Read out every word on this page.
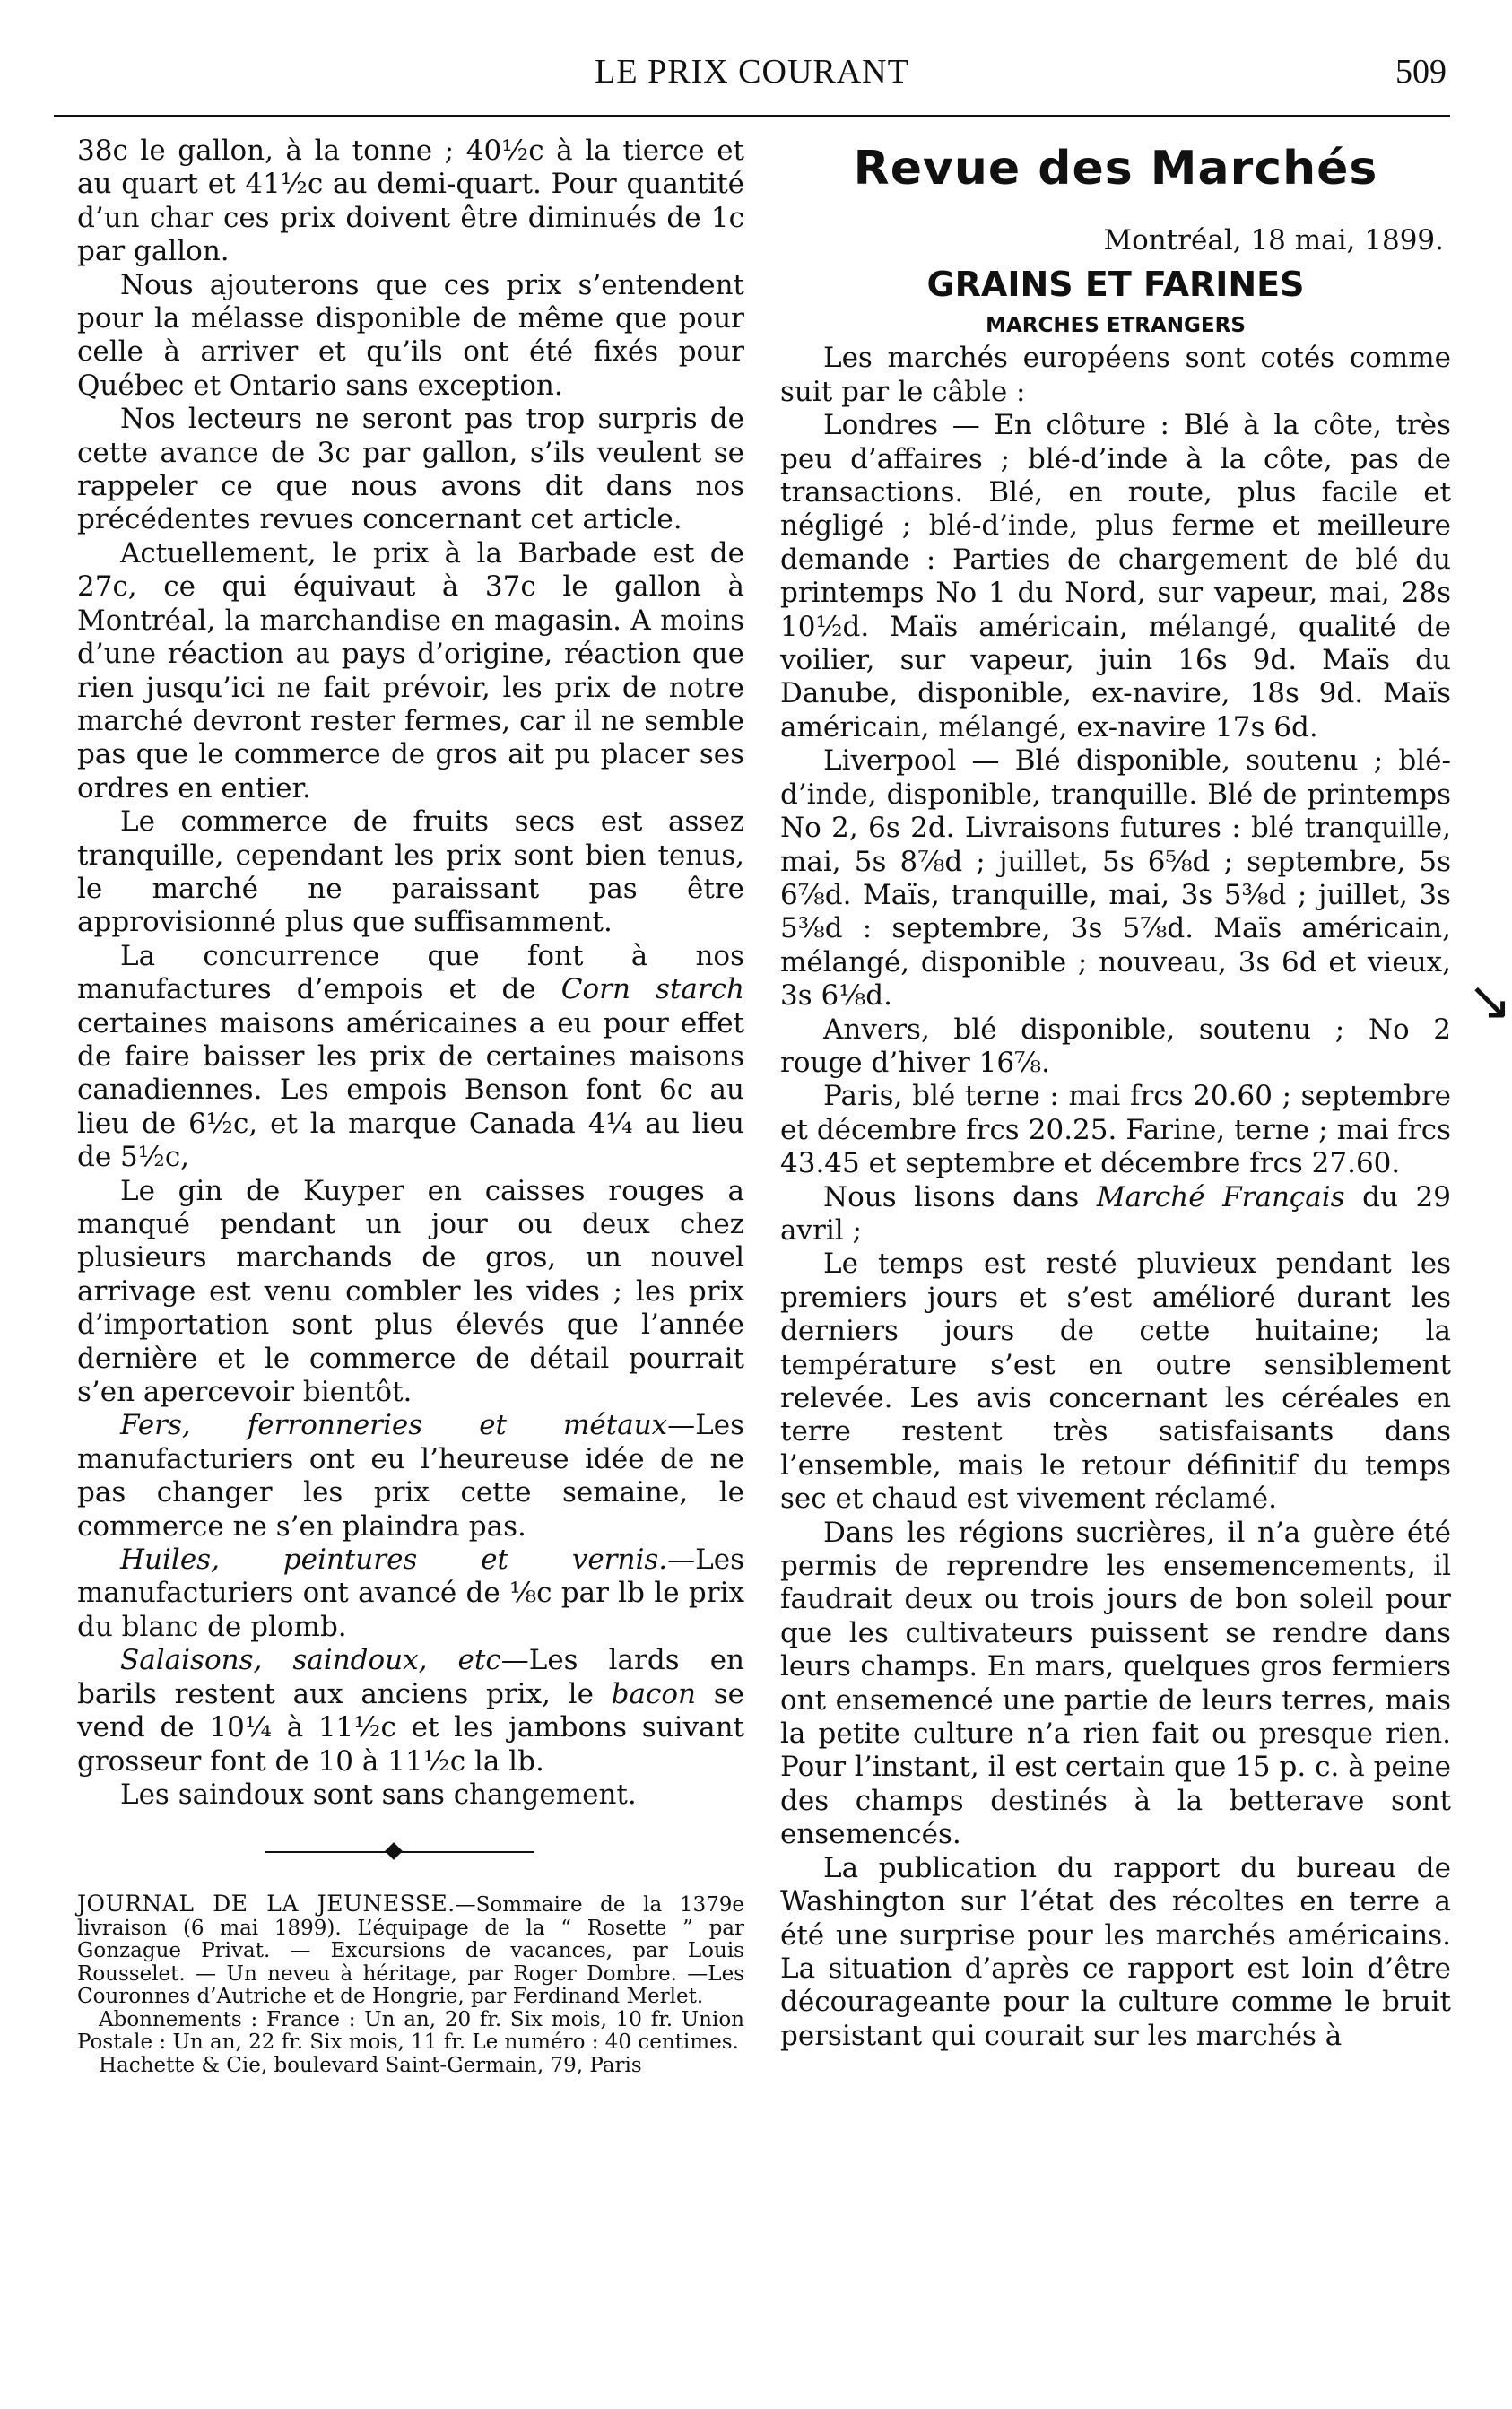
LE PRIX COURANT	509

38c le gallon, à la tonne ; 40½c à la tierce et au quart et 41½c au demi-quart. Pour quantité d’un char ces prix doivent être diminués de 1c par gallon.

Nous ajouterons que ces prix s’entendent pour la mélasse disponible de même que pour celle à arriver et qu’ils ont été fixés pour Québec et Ontario sans exception.

Nos lecteurs ne seront pas trop surpris de cette avance de 3c par gallon, s’ils veulent se rappeler ce que nous avons dit dans nos précédentes revues concernant cet article.

Actuellement, le prix à la Barbade est de 27c, ce qui équivaut à 37c le gallon à Montréal, la marchandise en magasin. A moins d’une réaction au pays d’origine, réaction que rien jusqu’ici ne fait prévoir, les prix de notre marché devront rester fermes, car il ne semble pas que le commerce de gros ait pu placer ses ordres en entier.

Le commerce de fruits secs est assez tranquille, cependant les prix sont bien tenus, le marché ne paraissant pas être approvisionné plus que suffisamment.

La concurrence que font à nos manufactures d’empois et de Corn starch certaines maisons américaines a eu pour effet de faire baisser les prix de certaines maisons canadiennes. Les empois Benson font 6c au lieu de 6½c, et la marque Canada 4¼ au lieu de 5½c,

Le gin de Kuyper en caisses rouges a manqué pendant un jour ou deux chez plusieurs marchands de gros, un nouvel arrivage est venu combler les vides ; les prix d’importation sont plus élevés que l’année dernière et le commerce de détail pourrait s’en apercevoir bientôt.

Fers, ferronneries et métaux—Les manufacturiers ont eu l’heureuse idée de ne pas changer les prix cette semaine, le commerce ne s’en plaindra pas.

Huiles, peintures et vernis.—Les manufacturiers ont avancé de ⅛c par lb le prix du blanc de plomb.

Salaisons, saindoux, etc—Les lards en barils restent aux anciens prix, le bacon se vend de 10¼ à 11½c et les jambons suivant grosseur font de 10 à 11½c la lb.

Les saindoux sont sans changement.

JOURNAL DE LA JEUNESSE.—Sommaire de la 1379e livraison (6 mai 1899). L’équipage de la “ Rosette ” par Gonzague Privat. — Excursions de vacances, par Louis Rousselet. — Un neveu à héritage, par Roger Dombre. —Les Couronnes d’Autriche et de Hongrie, par Ferdinand Merlet.

Abonnements : France : Un an, 20 fr. Six mois, 10 fr. Union Postale : Un an, 22 fr. Six mois, 11 fr. Le numéro : 40 centimes.

Hachette & Cie, boulevard Saint-Germain, 79, Paris

Revue des Marchés
Montréal, 18 mai, 1899.
GRAINS ET FARINES
MARCHES ETRANGERS

Les marchés européens sont cotés comme suit par le câble :

Londres — En clôture : Blé à la côte, très peu d’affaires ; blé-d’inde à la côte, pas de transactions. Blé, en route, plus facile et négligé ; blé-d’inde, plus ferme et meilleure demande : Parties de chargement de blé du printemps No 1 du Nord, sur vapeur, mai, 28s 10½d. Maïs américain, mélangé, qualité de voilier, sur vapeur, juin 16s 9d. Maïs du Danube, disponible, ex-navire, 18s 9d. Maïs américain, mélangé, ex-navire 17s 6d.

Liverpool — Blé disponible, soutenu ; blé-d’inde, disponible, tranquille. Blé de printemps No 2, 6s 2d. Livraisons futures : blé tranquille, mai, 5s 8⅞d ; juillet, 5s 6⅝d ; septembre, 5s 6⅞d. Maïs, tranquille, mai, 3s 5⅜d ; juillet, 3s 5⅜d : septembre, 3s 5⅞d. Maïs américain, mélangé, disponible ; nouveau, 3s 6d et vieux, 3s 6⅛d.

Anvers, blé disponible, soutenu ; No 2 rouge d’hiver 16⅞.

Paris, blé terne : mai frcs 20.60 ; septembre et décembre frcs 20.25. Farine, terne ; mai frcs 43.45 et septembre et décembre frcs 27.60.

Nous lisons dans Marché Français du 29 avril ;

Le temps est resté pluvieux pendant les premiers jours et s’est amélioré durant les derniers jours de cette huitaine; la température s’est en outre sensiblement relevée. Les avis concernant les céréales en terre restent très satisfaisants dans l’ensemble, mais le retour définitif du temps sec et chaud est vivement réclamé.

Dans les régions sucrières, il n’a guère été permis de reprendre les ensemencements, il faudrait deux ou trois jours de bon soleil pour que les cultivateurs puissent se rendre dans leurs champs. En mars, quelques gros fermiers ont ensemencé une partie de leurs terres, mais la petite culture n’a rien fait ou presque rien. Pour l’instant, il est certain que 15 p. c. à peine des champs destinés à la betterave sont ensemencés.

La publication du rapport du bureau de Washington sur l’état des récoltes en terre a été une surprise pour les marchés américains. La situation d’après ce rapport est loin d’être décourageante pour la culture comme le bruit persistant qui courait sur les marchés à

↘
